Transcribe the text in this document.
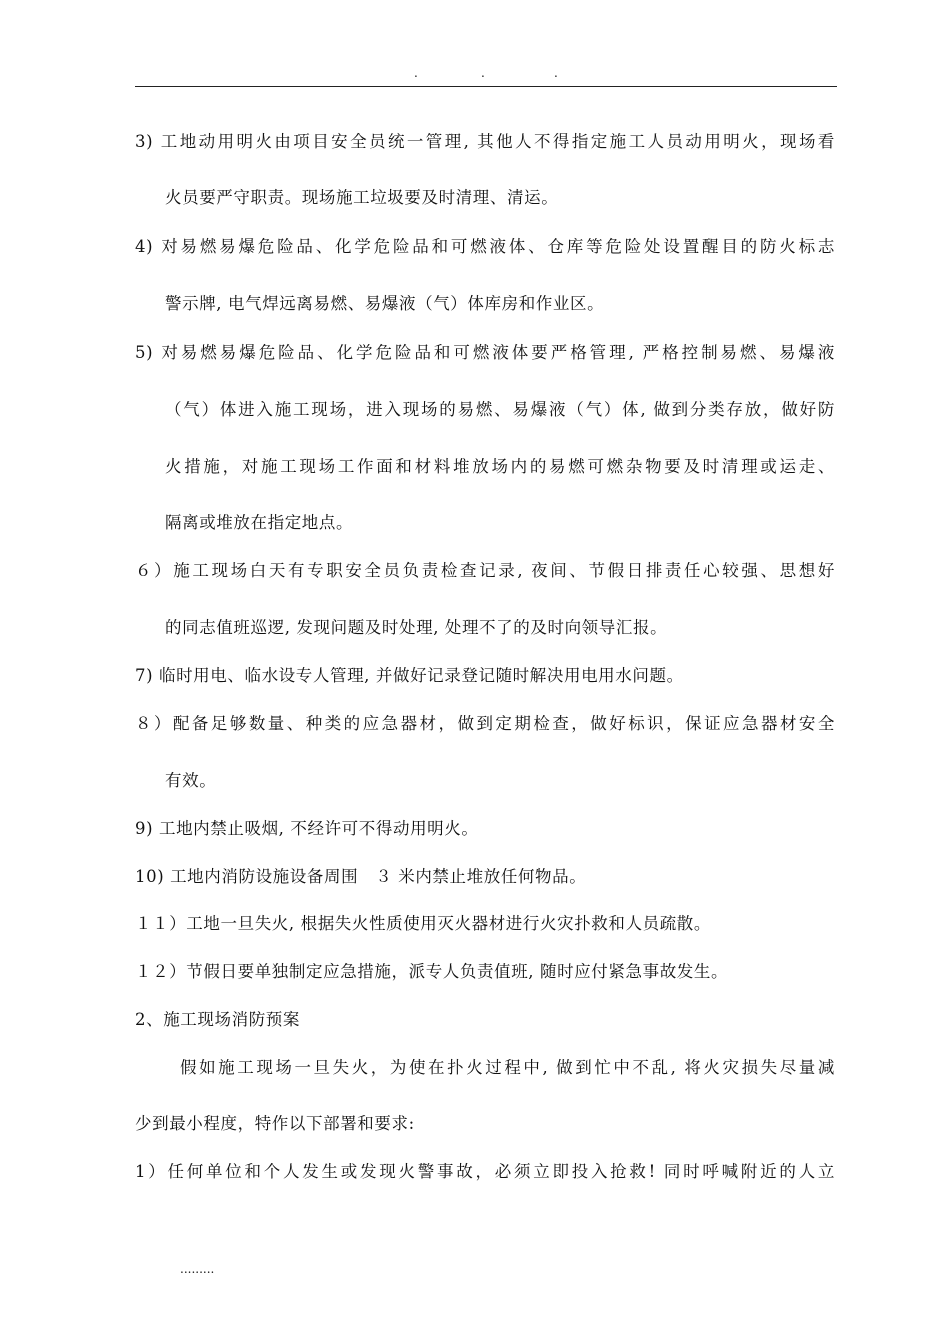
.	.	.
3) 工地动用明火由项目安全员统一管理, 其他人不得指定施工人员动用明火，现场看
火员要严守职责。现场施工垃圾要及时清理、清运。
4) 对易燃易爆危险品、化学危险品和可燃液体、仓库等危险处设置醒目的防火标志
警示牌, 电气焊远离易燃、易爆液（气）体库房和作业区。
5) 对易燃易爆危险品、化学危险品和可燃液体要严格管理, 严格控制易燃、易爆液
（气）体进入施工现场，进入现场的易燃、易爆液（气）体, 做到分类存放，做好防
火措施，对施工现场工作面和材料堆放场内的易燃可燃杂物要及时清理或运走、
隔离或堆放在指定地点。
６）施工现场白天有专职安全员负责检查记录, 夜间、节假日排责任心较强、思想好
的同志值班巡逻, 发现问题及时处理, 处理不了的及时向领导汇报。
7) 临时用电、临水设专人管理, 并做好记录登记随时解决用电用水问题。
８）配备足够数量、种类的应急器材，做到定期检查，做好标识，保证应急器材安全
有效。
9) 工地内禁止吸烟, 不经许可不得动用明火。
10) 工地内消防设施设备周围　３ 米内禁止堆放任何物品。
１１）工地一旦失火, 根据失火性质使用灭火器材进行火灾扑救和人员疏散。
１２）节假日要单独制定应急措施，派专人负责值班, 随时应付紧急事故发生。
2、施工现场消防预案
假如施工现场一旦失火，为使在扑火过程中, 做到忙中不乱, 将火灾损失尽量减
少到最小程度，特作以下部署和要求:
1）任何单位和个人发生或发现火警事故，必须立即投入抢救! 同时呼喊附近的人立
.........
